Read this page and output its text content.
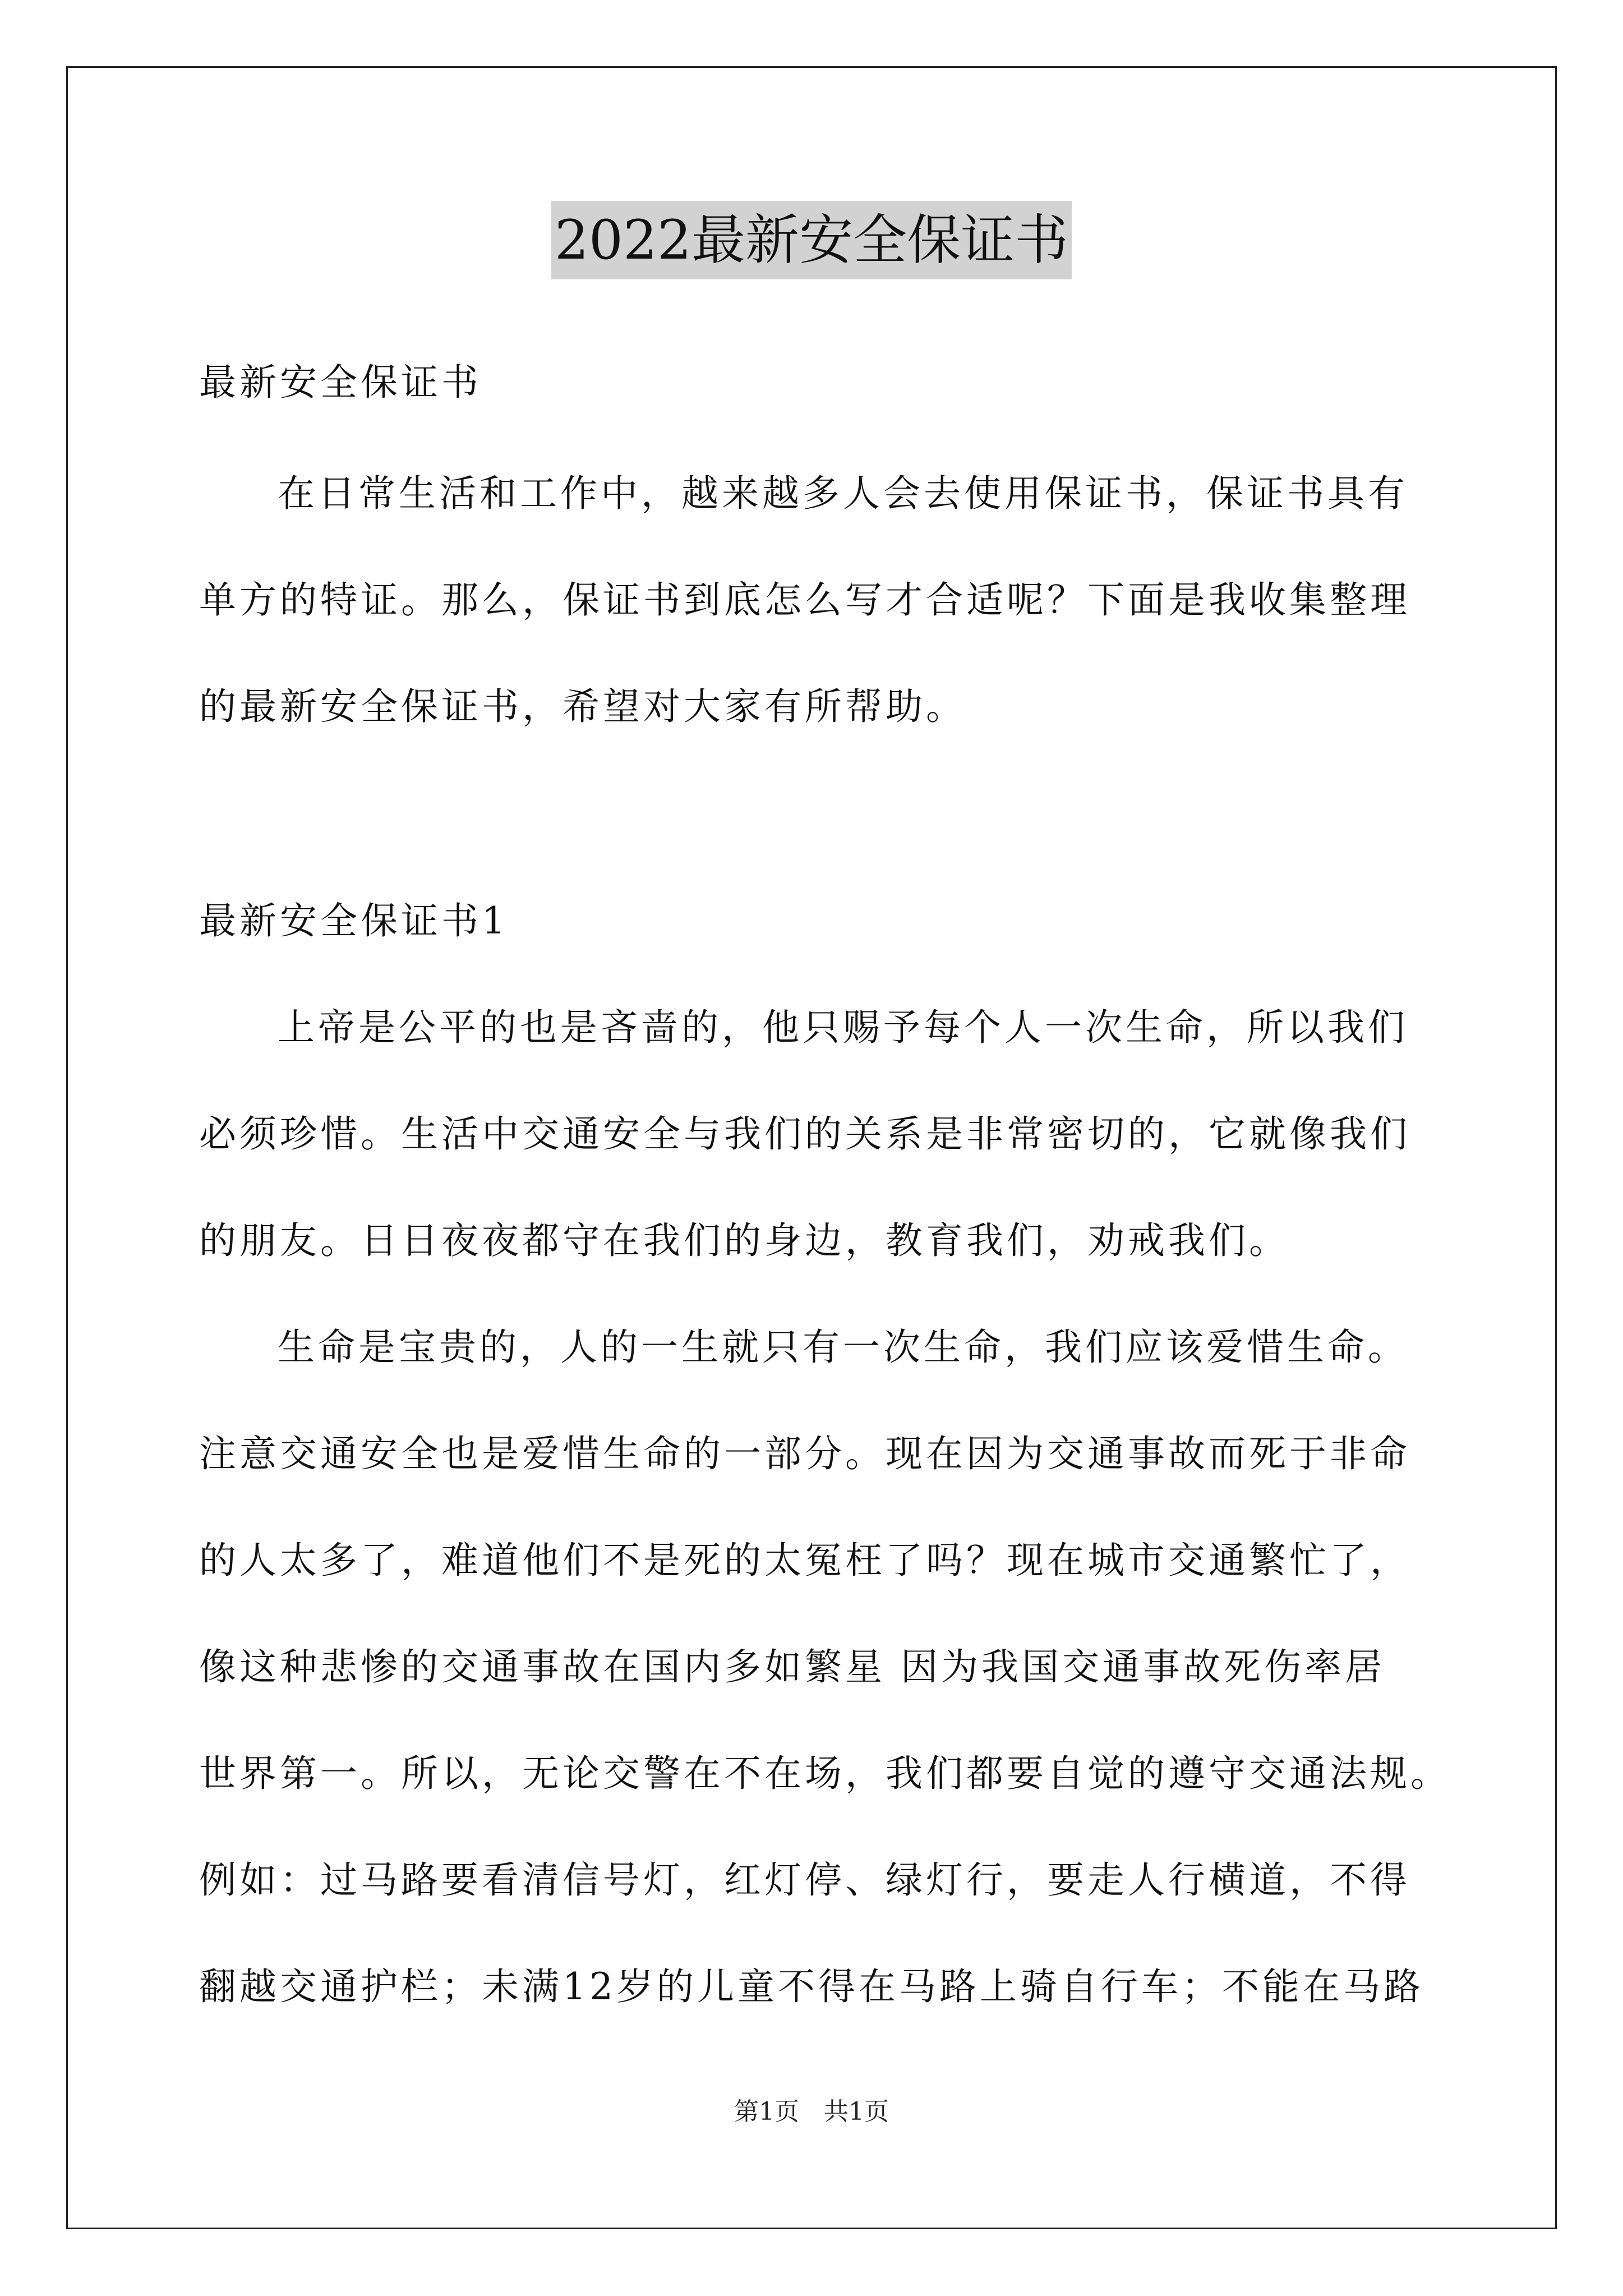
2022最新安全保证书
最新安全保证书
在日常生活和工作中，越来越多人会去使用保证书，保证书具有
单方的特证。那么，保证书到底怎么写才合适呢？下面是我收集整理
的最新安全保证书，希望对大家有所帮助。
最新安全保证书1
上帝是公平的也是吝啬的，他只赐予每个人一次生命，所以我们
必须珍惜。生活中交通安全与我们的关系是非常密切的，它就像我们
的朋友。日日夜夜都守在我们的身边，教育我们，劝戒我们。
生命是宝贵的，人的一生就只有一次生命，我们应该爱惜生命。
注意交通安全也是爱惜生命的一部分。现在因为交通事故而死于非命
的人太多了，难道他们不是死的太冤枉了吗？现在城市交通繁忙了，
像这种悲惨的交通事故在国内多如繁星 因为我国交通事故死伤率居
世界第一。所以，无论交警在不在场，我们都要自觉的遵守交通法规。
例如：过马路要看清信号灯，红灯停、绿灯行，要走人行横道，不得
翻越交通护栏；未满12岁的儿童不得在马路上骑自行车；不能在马路
第1页　共1页
